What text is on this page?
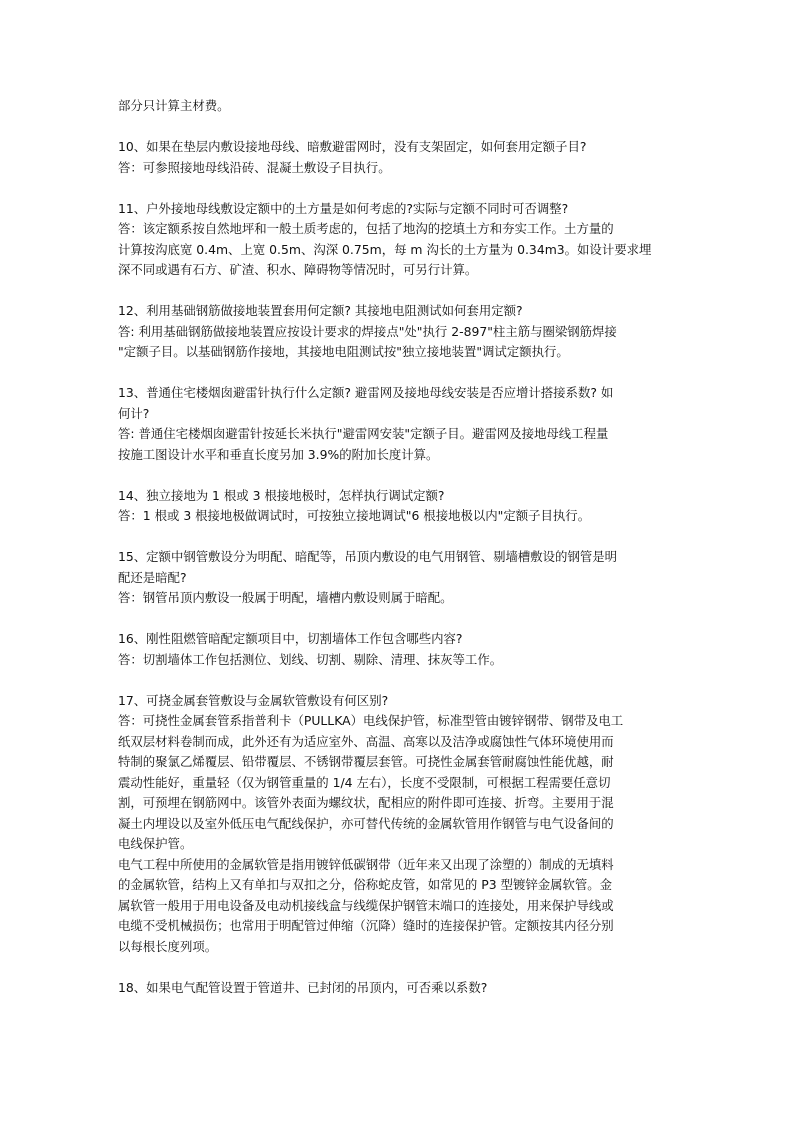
部分只计算主材费。
10、如果在垫层内敷设接地母线、暗敷避雷网时，没有支架固定，如何套用定额子目?
答：可参照接地母线沿砖、混凝土敷设子目执行。
11、户外接地母线敷设定额中的土方量是如何考虑的?实际与定额不同时可否调整?
答：该定额系按自然地坪和一般土质考虑的，包括了地沟的挖填土方和夯实工作。土方量的
计算按沟底宽 0.4m、上宽 0.5m、沟深 0.75m，每 m 沟长的土方量为 0.34m3。如设计要求埋
深不同或遇有石方、矿渣、积水、障碍物等情况时，可另行计算。
12、利用基础钢筋做接地装置套用何定额? 其接地电阻测试如何套用定额?
答: 利用基础钢筋做接地装置应按设计要求的焊接点"处"执行 2-897"柱主筋与圈梁钢筋焊接
"定额子目。以基础钢筋作接地，其接地电阻测试按"独立接地装置"调试定额执行。
13、普通住宅楼烟囱避雷针执行什么定额? 避雷网及接地母线安装是否应增计搭接系数? 如
何计?
答: 普通住宅楼烟囱避雷针按延长米执行"避雷网安装"定额子目。避雷网及接地母线工程量
按施工图设计水平和垂直长度另加 3.9%的附加长度计算。
14、独立接地为 1 根或 3 根接地极时，怎样执行调试定额?
答：1 根或 3 根接地极做调试时，可按独立接地调试"6 根接地极以内"定额子目执行。
15、定额中钢管敷设分为明配、暗配等，吊顶内敷设的电气用钢管、剔墙槽敷设的钢管是明
配还是暗配?
答：钢管吊顶内敷设一般属于明配，墙槽内敷设则属于暗配。
16、刚性阻燃管暗配定额项目中，切割墙体工作包含哪些内容?
答：切割墙体工作包括测位、划线、切割、剔除、清理、抹灰等工作。
17、可挠金属套管敷设与金属软管敷设有何区别?
答：可挠性金属套管系指普利卡（PULLKA）电线保护管，标准型管由镀锌钢带、钢带及电工
纸双层材料卷制而成，此外还有为适应室外、高温、高寒以及洁净或腐蚀性气体环境使用而
特制的聚氯乙烯覆层、铅带覆层、不锈钢带覆层套管。可挠性金属套管耐腐蚀性能优越，耐
震动性能好，重量轻（仅为钢管重量的 1/4 左右），长度不受限制，可根据工程需要任意切
割，可预埋在钢筋网中。该管外表面为螺纹状，配相应的附件即可连接、折弯。主要用于混
凝土内埋设以及室外低压电气配线保护，亦可替代传统的金属软管用作钢管与电气设备间的
电线保护管。
电气工程中所使用的金属软管是指用镀锌低碳钢带（近年来又出现了涂塑的）制成的无填料
的金属软管，结构上又有单扣与双扣之分，俗称蛇皮管，如常见的 P3 型镀锌金属软管。金
属软管一般用于用电设备及电动机接线盒与线缆保护钢管末端口的连接处，用来保护导线或
电缆不受机械损伤；也常用于明配管过伸缩（沉降）缝时的连接保护管。定额按其内径分别
以每根长度列项。
18、如果电气配管设置于管道井、已封闭的吊顶内，可否乘以系数?
